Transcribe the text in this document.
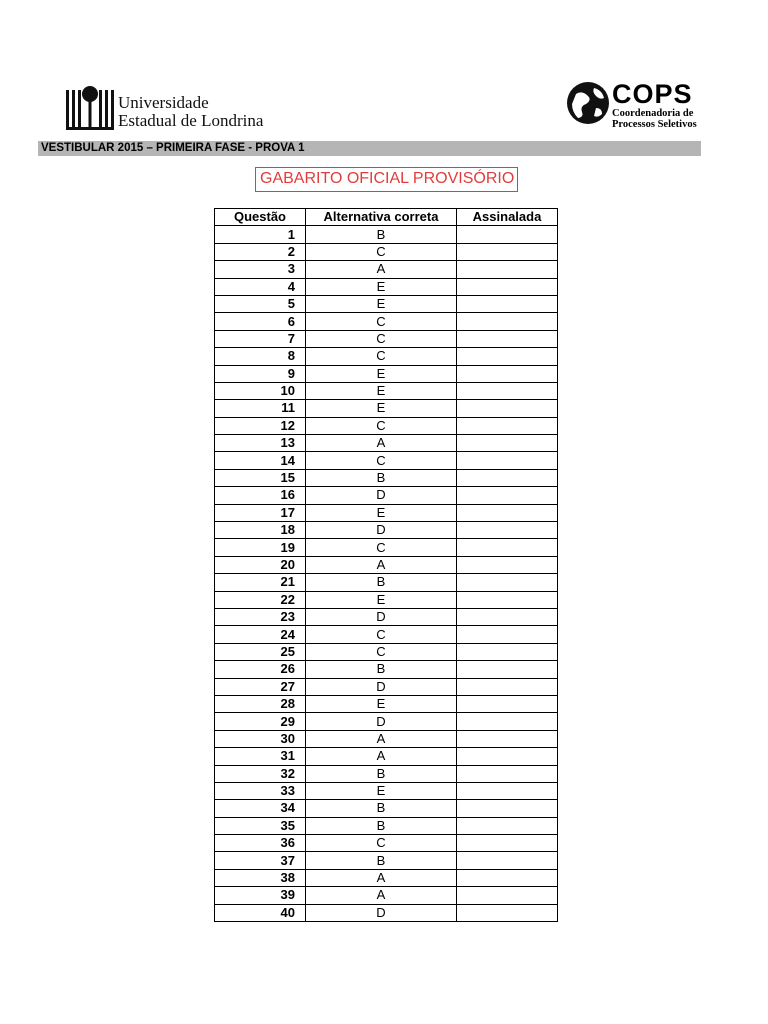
Universidade
Estadual de Londrina
COPS
Coordenadoria de
Processos Seletivos
VESTIBULAR 2015 – PRIMEIRA FASE - PROVA 1
GABARITO OFICIAL PROVISÓRIO
Questão	Alternativa correta	Assinalada
1	B	
2	C	
3	A	
4	E	
5	E	
6	C	
7	C	
8	C	
9	E	
10	E	
11	E	
12	C	
13	A	
14	C	
15	B	
16	D	
17	E	
18	D	
19	C	
20	A	
21	B	
22	E	
23	D	
24	C	
25	C	
26	B	
27	D	
28	E	
29	D	
30	A	
31	A	
32	B	
33	E	
34	B	
35	B	
36	C	
37	B	
38	A	
39	A	
40	D	
